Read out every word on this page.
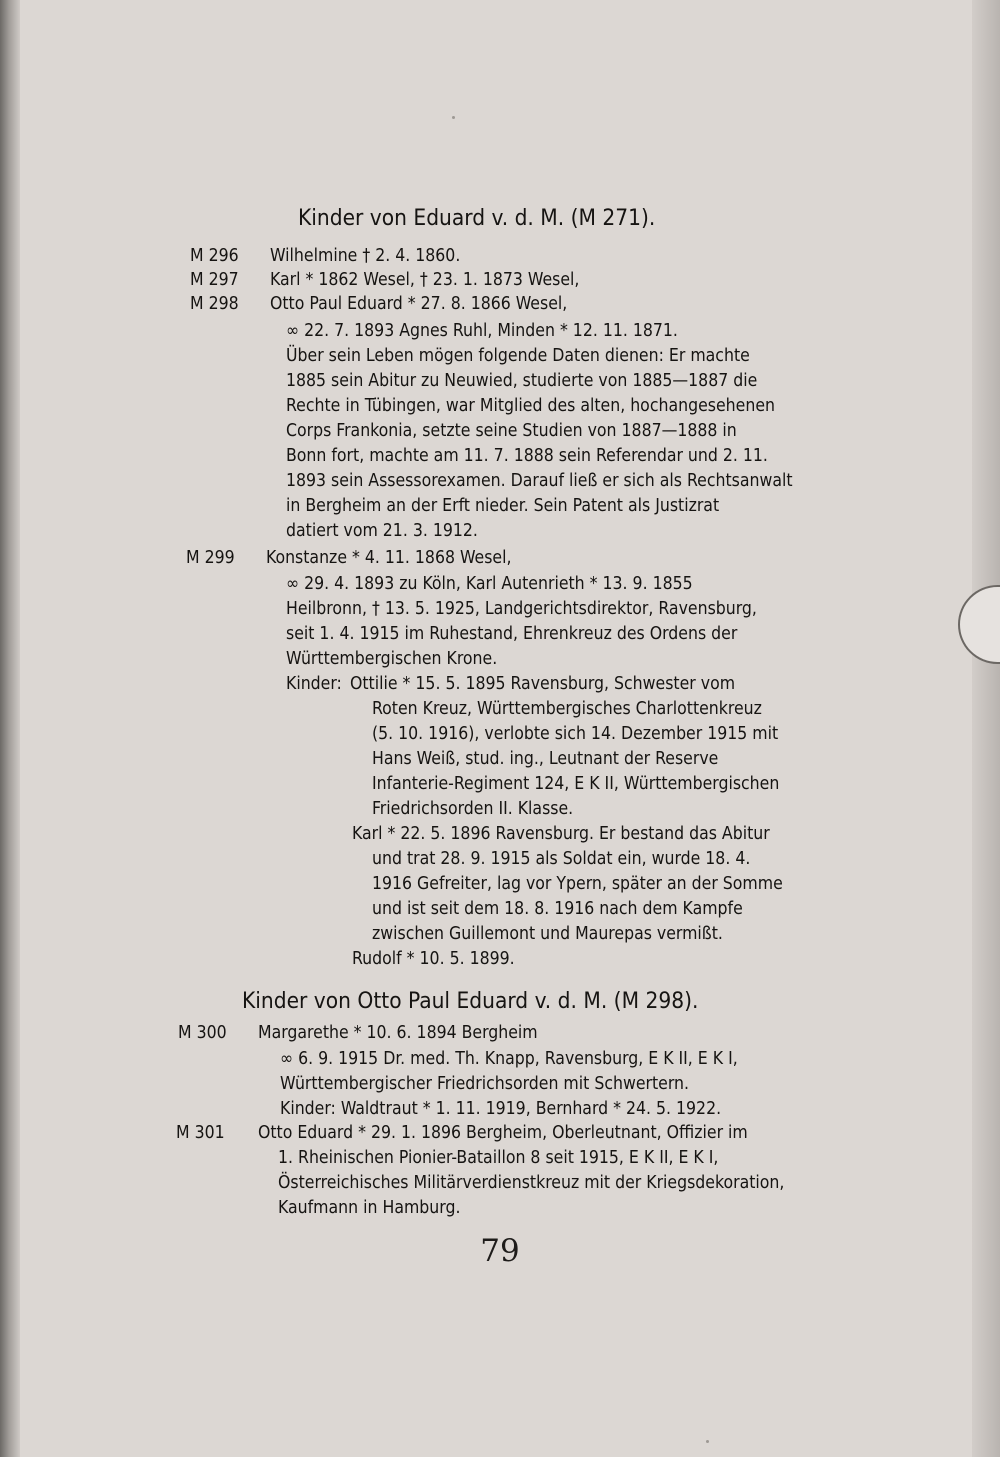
Kinder von Eduard v. d. M. (M 271).
M 296 Wilhelmine † 2. 4. 1860.
M 297 Karl * 1862 Wesel, † 23. 1. 1873 Wesel,
M 298 Otto Paul Eduard * 27. 8. 1866 Wesel,
∞ 22. 7. 1893 Agnes Ruhl, Minden * 12. 11. 1871.
Über sein Leben mögen folgende Daten dienen: Er machte
1885 sein Abitur zu Neuwied, studierte von 1885—1887 die
Rechte in Tübingen, war Mitglied des alten, hochangesehenen
Corps Frankonia, setzte seine Studien von 1887—1888 in
Bonn fort, machte am 11. 7. 1888 sein Referendar und 2. 11.
1893 sein Assessorexamen. Darauf ließ er sich als Rechtsanwalt
in Bergheim an der Erft nieder. Sein Patent als Justizrat
datiert vom 21. 3. 1912.
M 299 Konstanze * 4. 11. 1868 Wesel,
∞ 29. 4. 1893 zu Köln, Karl Autenrieth * 13. 9. 1855
Heilbronn, † 13. 5. 1925, Landgerichtsdirektor, Ravensburg,
seit 1. 4. 1915 im Ruhestand, Ehrenkreuz des Ordens der
Württembergischen Krone.
Kinder: Ottilie * 15. 5. 1895 Ravensburg, Schwester vom
Roten Kreuz, Württembergisches Charlottenkreuz
(5. 10. 1916), verlobte sich 14. Dezember 1915 mit
Hans Weiß, stud. ing., Leutnant der Reserve
Infanterie-Regiment 124, E K II, Württembergischen
Friedrichsorden II. Klasse.
Karl * 22. 5. 1896 Ravensburg. Er bestand das Abitur
und trat 28. 9. 1915 als Soldat ein, wurde 18. 4.
1916 Gefreiter, lag vor Ypern, später an der Somme
und ist seit dem 18. 8. 1916 nach dem Kampfe
zwischen Guillemont und Maurepas vermißt.
Rudolf * 10. 5. 1899.
Kinder von Otto Paul Eduard v. d. M. (M 298).
M 300 Margarethe * 10. 6. 1894 Bergheim
∞ 6. 9. 1915 Dr. med. Th. Knapp, Ravensburg, E K II, E K I,
Württembergischer Friedrichsorden mit Schwertern.
Kinder: Waldtraut * 1. 11. 1919, Bernhard * 24. 5. 1922.
M 301 Otto Eduard * 29. 1. 1896 Bergheim, Oberleutnant, Offizier im
1. Rheinischen Pionier-Bataillon 8 seit 1915, E K II, E K I,
Österreichisches Militärverdienstkreuz mit der Kriegsdekoration,
Kaufmann in Hamburg.
79
